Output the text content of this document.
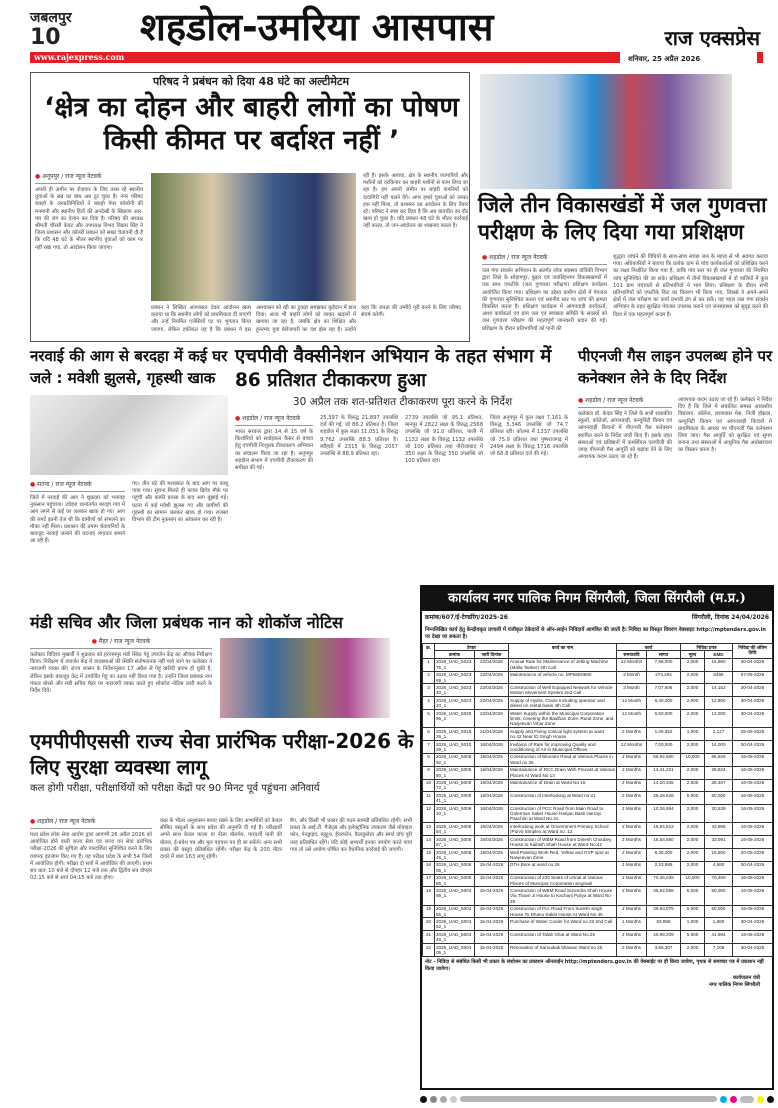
जबलपुर
10 शहडोल-उमरिया आसपास	राज एक्सप्रेस
www.rajexpress.com	शनिवार, 25 अप्रैल 2026
परिषद ने प्रबंधन को दिया 48 घंटे का अल्टीमेटम
‘क्षेत्र का दोहन और बाहरी लोगों का पोषण किसी कीमत पर बर्दाश्त नहीं ’
● अनूपपुर / राज न्यूज नेटवर्क
अपनी ही जमीन पर रोजगार के लिए तरस रहे स्थानीय युवाओं के सब्र का बांध अब टूट चुका है। नगर परिषद बकहो के जनप्रतिनिधियों ने बकहो पेपर कॉलोनी की मनमानी और स्थानीय हितों की अनदेखी के खिलाफ आर-पार की जंग का ऐलान कर दिया है। परिषद की अध्यक्ष श्रीमती चौरसी केवट और उपाध्यक्ष विभय विक्रम सिंह ने जिला प्रशासन और कॉलरी प्रबंधन को सख्त चेतावनी दी है कि यदि 48 घंटे के भीतर स्थानीय युवाओं को काम पर नहीं रखा गया, तो आंदोलन किया जाएगा।
प्रबंधन ने लिखित आश्वासन देकर आंदोलन खत्म कराया था कि स्थानीय लोगों को प्राथमिकता दी जाएगी और उन्हें नियमित एजेंसियों एट पर भुगतान किया जाएगा, लेकिन हकीकत यह है कि प्रबंधन ने इस आश्वासन को रद्दी का टुकड़ा समझकर कूड़ेदान में डाल दिया। आज भी बाहरी लोगों को लाकर खदानों में खपाया जा रहा है, जबकि क्षेत्र का शिक्षित और हुनरमंद युवा बेरोजगारी का दंश झेल रहा है। उन्होंने कहा कि जनता की उम्मीदें पूरी करने के लिए परिषद संघर्ष करेगी।
रही है। इसके अलावा, क्षेत्र के स्थानीय व्यापारियों और मशीनों को दरकिनार कर बाहरी मशीनों से काम लिया जा रहा है। हम अपनी जमीन पर बाहरी कंपनियों को दादागिरी नहीं चलने देंगे। अगर हमारे युवाओं को उनका हक नहीं मिला, तो प्रशासन उग्र आंदोलन के लिए तैयार रहे। परिषद ने स्पष्ट कर दिया है कि अब बातचीत का दौर खत्म हो चुका है। यदि प्रबंधन 48 घंटे के भीतर कार्रवाई नहीं करता, तो जन-आंदोलन का शंखनाद करता है।
जिले तीन विकासखंडों में जल गुणवत्ता परीक्षण के लिए दिया गया प्रशिक्षण
● शहडोल / राज न्यूज नेटवर्क
जल गंगा संवर्धन अभियान के अंतर्गत लोक स्वास्थ्य यांत्रिकी विभाग द्वारा जिले के सोहागपुर, बुढ़ार एवं जयसिंहनगर विकासखण्डों में एक साथ एफटीके (जल गुणवत्ता परीक्षण) प्रशिक्षण कार्यक्रम आयोजित किया गया। प्रशिक्षण का उद्देश्य ग्रामीण क्षेत्रों में पेयजल की गुणवत्ता सुनिश्चित करना एवं स्थानीय स्तर पर जांच की क्षमता विकसित करना है। प्रशिक्षण कार्यक्रम में आंगनवाड़ी कार्यकर्ता, आशा कार्यकर्ता एवं ग्राम जल एवं स्वच्छता समिति के सदस्यों को जल गुणवत्ता परीक्षण की महत्वपूर्ण जानकारी प्रदान की गई। प्रशिक्षण के दौरान प्रतिभागियों को पानी की
शुद्धता जांचने की विधियों के साथ-साथ स्वच्छ जल के महत्व से भी अवगत कराया गया। अधिकारियों ने बताया कि प्रत्येक ग्राम से पांच कार्यकर्ताओं को प्रशिक्षित करने का लक्ष्य निर्धारित किया गया है, ताकि गांव स्तर पर ही जल गुणवत्ता की नियमित जांच सुनिश्चित की जा सके। प्रशिक्षण में तीनों विकासखण्डों में दो पालियों में कुल 101 ग्राम पंचायतों से प्रतिभागियों ने भाग लिया। प्रशिक्षण के दौरान सभी प्रतिभागियों को एफटीके किट का वितरण भी किया गया, जिससे वे अपने-अपने क्षेत्रों में जल परीक्षण का कार्य प्रभावी ढंग से कर सकें। यह पहल जल गंगा संवर्धन अभियान के तहत सुरक्षित पेयजल उपलब्ध कराने एवं जनस्वास्थ्य को सुदृढ़ करने की दिशा में एक महत्वपूर्ण कदम है।
नरवाई की आग से बरदहा में कई घर जले : मवेशी झुलसे, गृहस्थी खाक
● सतना / राज न्यूज नेटवर्क
जिले में नरवाई की आग ने शुक्रवार को भयावह नुकसान पहुंचाया। उचेहरा थानांतर्गत बरदहा गांव में आग लगने से कई घर जलकर खाक हो गए। आग की लपटें इतनी तेज थीं कि ग्रामीणों को संभलने का मौका नहीं मिला। प्रशासन की तमाम चेतावनियों के बावजूद नरवाई जलाने की घटनाएं लगातार सामने आ रही हैं।
गए। तीन घंटे की मशक्कत के बाद आग पर काबू पाया गया। सूचना मिलते ही फायर ब्रिगेड मौके पर पहुंची और काफी प्रयास के बाद आग बुझाई गई। घटना में कई मवेशी झुलस गए और ग्रामीणों की गृहस्थी का सामान जलकर खाक हो गया। राजस्व विभाग की टीम नुकसान का आंकलन कर रही है।
एचपीवी वैक्सीनेशन अभियान के तहत संभाग में 86 प्रतिशत टीकाकरण हुआ
30 अप्रैल तक शत-प्रतिशत टीकाकरण पूरा करने के निर्देश
● शहडोल / राज न्यूज नेटवर्क
भारत सरकार द्वारा 14 से 15 वर्ष के किशोरियों को सर्वाइकल कैंसर से बचाव हेतु एचपीवी निःशुल्क टीकाकरण अभियान का संचालन किया जा रहा है। अनूपपुर शहडोल संभाग में एचपीवी टीकाकरण की समीक्षा की गई।
25,397 के विरुद्ध 21,897 उपलब्धि दर्ज की गई, जो 86.2 प्रतिशत है। जिला शहडोल में कुल लक्ष्य 11,051 के विरुद्ध 9,762 उपलब्धि 88.3 प्रतिशत है। ब्यौहारी में 2315 के विरुद्ध 2057 उपलब्धि से 88.9 प्रतिशत रहा।
2739 उपलब्धि जो 95.1 प्रतिशत, मानपुर में 2822 लक्ष्य के विरुद्ध 2568 उपलब्धि जो 91.0 प्रतिशत, पाली में 1132 लक्ष्य के विरुद्ध 1132 उपलब्धि जो 100 प्रतिशत तथा नौरोजाबाद में 350 लक्ष्य के विरुद्ध 350 उपलब्धि जो 100 प्रतिशत रहा।
जिला अनूपपुर में कुल लक्ष्य 7,161 के विरुद्ध 5,346 उपलब्धि जो 74.7 प्रतिशत रही। कोतमा में 1337 उपलब्धि जो 75.9 प्रतिशत तथा पुष्पराजगढ़ में 2494 लक्ष्य के विरुद्ध 1716 उपलब्धि जो 68.8 प्रतिशत दर्ज की गई।
पीएनजी गैस लाइन उपलब्ध होने पर कनेक्शन लेने के दिए निर्देश
● शहडोल / राज न्यूज नेटवर्क
कलेक्टर डॉ. केदार सिंह ने जिले के सभी शासकीय स्कूलों, कॉलेजों, आंगनवाड़ी, कम्युनिटी किचन एवं आंगनवाड़ी किचनों में पीएनजी गैस कनेक्शन स्थापित करने के निर्देश जारी किए हैं। इसके तहत संस्थाओं एवं प्रतिष्ठानों में कमर्शियल एलपीजी की जगह पीएनजी गैस आपूर्ति को बढ़ावा देने के लिए आवश्यक कदम उठाए जा रहे हैं।
आवश्यक कदम उठाए जा रहे हैं। कलेक्टर ने निर्देश दिए हैं कि जिले में संचालित समस्त आवासीय विद्यालय, कॉलेज, छात्रावास मेस, निजी हॉस्टल, कम्युनिटी किचन एवं आंगनवाड़ी किचनों में प्राथमिकता के आधार पर पीएनजी गैस कनेक्शन लिया जाए। गैस आपूर्ति को सुरक्षित एवं सुगम बनाना तथा संस्थाओं में आधुनिक गैस अधोसंरचना का विस्तार करना है।
मंडी सचिव और जिला प्रबंधक नान को शोकॉज नोटिस
● मैहर / राज न्यूज नेटवर्क
कलेक्टर विदिशा मुखर्जी ने शुक्रवार को हरनामपुर मंडी स्थित गेहूं उपार्जन केंद्र का औचक निरीक्षण किया। निरीक्षण में उपार्जन केंद्र में व्यवस्थाओं की स्थिति संतोषजनक नहीं पाये जाने पर कलेक्टर ने नाराजगी व्यक्त की। राज्य शासन के निर्देशानुसार 17 अप्रैल से गेहूं खरीदी प्रारंभ हो चुकी है, लेकिन इसके बावजूद केंद्र में उपार्जित गेहूं का उठाव नहीं किया गया है। उन्होंने जिला प्रबंधक नान पंकज बोरसे और मंडी सचिव मैहर पर नाराजगी व्यक्त करते हुए शोकॉज नोटिस जारी करने के निर्देश दिये।
एमपीपीएससी राज्य सेवा प्रारंभिक परीक्षा-2026 के लिए सुरक्षा व्यवस्था लागू
कल होगी परीक्षा, परीक्षार्थियों को परीक्षा केंद्रों पर 90 मिनट पूर्व पहुंचना अनिवार्य
● शहडोल / राज न्यूज नेटवर्क
मध्य प्रदेश लोक सेवा आयोग द्वारा आगामी 26 अप्रैल 2026 को आयोजित होने वाली राज्य सेवा एवं राज्य वन सेवा प्रारंभिक परीक्षा-2026 की सुचिता और पारदर्शिता सुनिश्चित करने के लिए व्यापक इंतजाम किए गए हैं। यह परीक्षा प्रदेश के सभी 54 जिलों में आयोजित होगी। परीक्षा दो सत्रों में आयोजित की जाएगी। प्रथम सत्र प्रातः 10 बजे से दोपहर 12 बजे तक और द्वितीय सत्र दोपहर 02:15 बजे से सायं 04:15 बजे तक होगा।
कक्ष के भीतर अनुशासन बनाए रखने के लिए अभ्यर्थियों को केवल सीमित वस्तुओं के साथ प्रवेश की अनुमति दी गई है। परीक्षार्थी अपने साथ केवल काला या नीला बॉलपेन, पारदर्शी पानी की बोतल, ई-प्रवेश पत्र और मूल पहचान पत्र ही ला सकेंगे। अन्य सभी प्रकार की वस्तुएं प्रतिबंधित रहेंगी। परीक्षा केंद्र के 200 मीटर दायरे में धारा 163 लागू रहेगी।
बैग, और किसी भी प्रकार की पठन सामग्री प्रतिबंधित रहेगी। सभी प्रकार के आई.टी. गैजेट्स और इलेक्ट्रॉनिक उपकरण जैसे मोबाइल फोन, पेनड्राइव, ब्लूटूथ, ईयरफोन, कैलकुलेटर और स्मार्ट वॉच पूरी तरह प्रतिबंधित रहेंगे। यदि कोई अभ्यर्थी इनका उपयोग करते पाया गया तो उसे अयोग्य घोषित कर वैधानिक कार्रवाई की जाएगी।
कार्यालय नगर पालिक निगम सिंगरौली, जिला सिंगरौली (म.प्र.)
क्रमांक/607/ई-टेण्डरिंग/2025-26	सिंगरौली, दिनांक 24/04/2026
निम्नलिखित कार्य हेतु केन्द्रीयकृत प्रणाली में पंजीकृत ठेकेदारों से ऑन-लाईन निविदायें आमंत्रित की जाती है। निविदा का विस्तृत विवरण वेबसाइट http://mptenders.gov.in पर देखा जा सकता है।
क्र.	टेण्डर		कार्य का नाम	कार्य		निविदा प्रपत्र		निविदा की अंतिम तिथि
	क्रमांक	जारी दिनांक		समयावधि	लागत	मूल्य	EMD	
1	2026_UAD_502375_1	22/04/2026	Annual Rate for Maintenance of Jetting Machine (Malla Tanker) 4th Call	12 Months	7,98,000	2,000	15,960	30-04-2026
2	2026_UAD_502369_1	22/04/2026	Maintenance of vehicle no. MP66D0660	2 Month	274,294	2,000	5486	07-05-2026
3	2026_UAD_502340_1	22/04/2026	Construction of Well Equipped Network for Vehicle Motion Movement System 2nd Call	3 Month	7,07,606	2,000	14,152	30-04-2026
4	2026_UAD_502320_1	22/04/2026	Supply of Hydra, Crane Including operator and diesel on rental basis 4th Call	12 Month	6,40,000	2,000	12,800	30-04-2026
5	2026_UAD_502095_1	22/04/2026	Water Supply within the Municipal Corporation limits, covering the Baidhan Zone, Rural Zone, and Navjeevan Vihar Zone	12 Month	6,50,000	2,000	13,000	30-04-2026
6	2026_UAD_501826_1	21/04/2026	Supply and Fixing conical light system at ward no.42 Near ID Singh House	2 Months	1,06,352	1,000	2,127	05-05-2026
7	2026_UAD_501029_1	16/04/2026	Invitaion of Rate for improving Quality and conditioning of Air in Municipal Offices	12 Months	7,00,000	2,000	14,000	30-04-2026
8	2026_UAD_500992_1	16/04/2026	Construction of Bitumen Road at Various Places in Ward no 25	2 Months	66,92,600	10,000	66,926	16-05-2026
9	2026_UAD_500980_1	16/04/2026	Maintainance of RCC Drain With Precast at Various Places At Ward No 13	2 Months	14,41,221	2,000	28,824	16-05-2026
10	2026_UAD_500972_1	16/04/2026	Maintainance of Drain at Ward No 15	2 Months	14,20,345	2,000	28,407	16-05-2026
11	2026_UAD_500941_1	16/04/2026	Construction of Interlocking at Ward no 21	2 Months	29,28,826	5,000	50,000	16-05-2026
12	2026_UAD_500910_1	16/04/2026	Construction of PCC Road from Main Road to Golerman Saket House Harijan Basti Harrayi Paschim at Ward No.31	2 Months	10,26,954	2,000	20,539	16-05-2026
13	2026_UAD_500864_1	16/04/2026	Interlocking work at Government Primary School (Purvi) Simplex at Ward no. 12	2 Months	16,94,812	2,000	33,896	16-05-2026
14	2026_UAD_500857_1	16/04/2026	Construction of WBM Road from Dinesh Choubey House to Kailash Shah House at Ward No.42	2 Months	16,54,560	2,000	33,091	16-05-2026
15	2026_UAD_500845_1	16/04/2026	Wall Painting Work Red, Yellow and GVP spot at Navjeevan Zone	2 Months	8,30,000	2,000	16,600	20-05-2026
16	2026_UAD_500606_1	15-04-2026	DTH Bore at ward no.26	1 Months	2,33,985	2,000	4,680	30-04-2026
17	2026_UAD_500586_1	15-04-2026	Construction of 220 Seats of Urinal at Various Places of Muncipal Corporation singrauli	2 Months	70,46,039	10,000	70,460	16-05-2026
18	2026_UAD_500459_1	15-04-2026	Construction of WBM Road Surendra Shah House Via Thavri Ji House to Kachani Puliya at Ward No 29	2 Months	35,62,566	5,000	50,000	16-05-2026
19	2026_UAD_500455_1	15-04-2026	Construction of Pcc Road From Suresh singh House To Dhanu Saket House At Ward No 45	2 Months	39,83,075	5,000	50,000	16-05-2026
20	2026_UAD_500452_1	15-04-2026	Purchase of Water Cooler for Ward no.32 2nd Call	1 Months	63,998	1,000	1,680	30-04-2026
21	2026_UAD_500445_1	15-04-2026	Construction of Talab Ghat at Ward No.26	2 Months	20,99,209	5,000	41,984	16-05-2026
22	2026_UAD_500405_1	15-04-2026	Renovation of Samudaik bhawan Ward no 25	2 Months	3,55,307	2,000	7,106	30-04-2026
नोट - निविदा से संबंधित किसी भी प्रकार के संशोधन का प्रकाशन ऑनलाईन http://mptenders.gov.in की वेबसाईट पर ही किया जावेगा, पृथक से समाचार पत्र में प्रकाशन नहीं किया जावेगा।
कार्यपालन यंत्री
नगर पालिक निगम सिंगरौली
